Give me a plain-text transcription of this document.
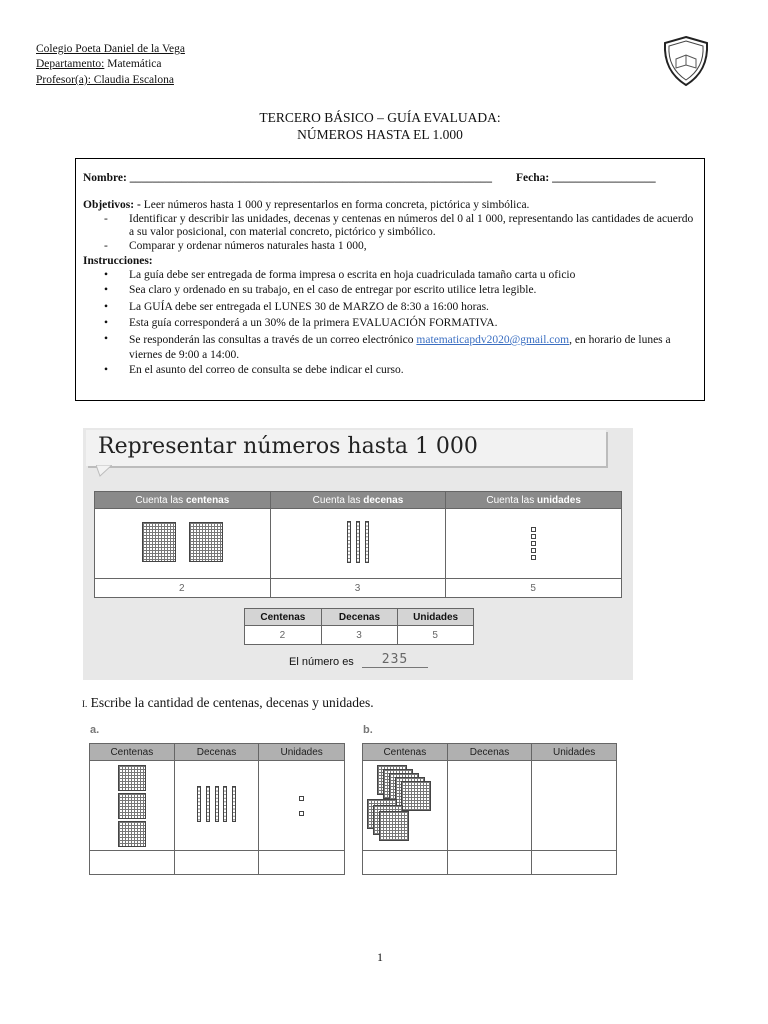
Colegio Poeta Daniel de la Vega
Departamento: Matemática
Profesor(a): Claudia Escalona
TERCERO BÁSICO – GUÍA EVALUADA:
NÚMEROS HASTA EL 1.000
Nombre: _______________________________________________________________ Fecha: __________________
Objetivos: - Leer números hasta 1 000 y representarlos en forma concreta, pictórica y simbólica.
- Identificar y describir las unidades, decenas y centenas en números del 0 al 1 000, representando las cantidades de acuerdo a su valor posicional, con material concreto, pictórico y simbólico.
- Comparar y ordenar números naturales hasta 1 000,
Instrucciones:
• La guía debe ser entregada de forma impresa o escrita en hoja cuadriculada tamaño carta u oficio
• Sea claro y ordenado en su trabajo, en el caso de entregar por escrito utilice letra legible.
• La GUÍA debe ser entregada el LUNES 30 de MARZO de 8:30 a 16:00 horas.
• Esta guía corresponderá a un 30% de la primera EVALUACIÓN FORMATIVA.
• Se responderán las consultas a través de un correo electrónico matematicapdv2020@gmail.com, en horario de lunes a viernes de 9:00 a 14:00.
• En el asunto del correo de consulta se debe indicar el curso.
Representar números hasta 1 000
Cuenta las centenas	Cuenta las decenas	Cuenta las unidades

2	3	5
Centenas	Decenas	Unidades
2	3	5
El número es	235
I. Escribe la cantidad de centenas, decenas y unidades.
a.
Centenas	Decenas	Unidades

b.
Centenas	Decenas	Unidades

1
